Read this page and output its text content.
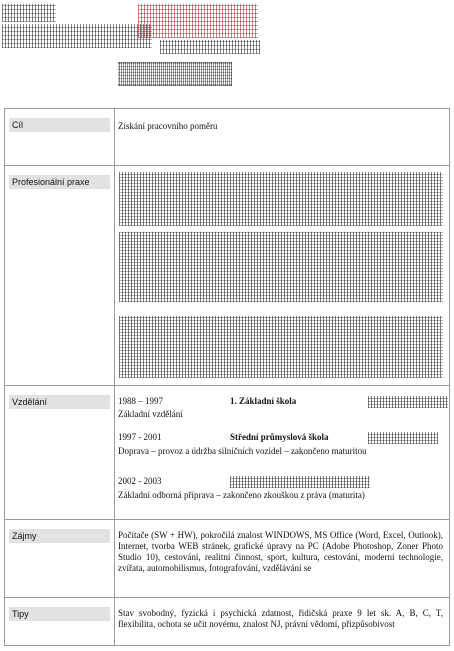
Cíl	Získání pracovního poměru
Profesionální praxe
Vzdělání	1988 – 1997	1. Základní škola
Základní vzdělání
1997 - 2001	Střední průmyslová škola
Doprava – provoz a údržba silničních vozidel – zakončeno maturitou
2002 - 2003
Základní odborná příprava – zakončeno zkouškou z práva (maturita)
Zájmy	Počítače (SW + HW), pokročilá znalost WINDOWS, MS Office (Word, Excel, Outlook), Internet, tvorba WEB stránek, grafické úpravy na PC (Adobe Photoshop, Zoner Photo Studio 10), cestování, realitní činnost, sport, kultura, cestování, moderní technologie, zvířata, automobilismus, fotografování, vzdělávání se
Tipy	Stav svobodný, fyzická i psychická zdatnost, řidičská praxe 9 let sk. A, B, C, T, flexibilita, ochota se učit novému, znalost NJ, právní vědomí, přizpůsobivost
